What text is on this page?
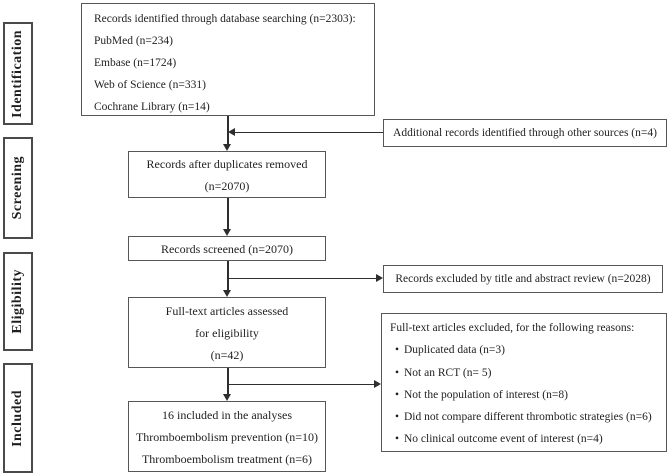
Identification
Screening
Eligibility
Included
Records identified through database searching (n=2303):
PubMed (n=234)
Embase (n=1724)
Web of Science (n=331)
Cochrane Library (n=14)
Additional records identified through other sources (n=4)
Records after duplicates removed
(n=2070)
Records screened (n=2070)
Records excluded by title and abstract review (n=2028)
Full-text articles assessed
for eligibility
(n=42)
Full-text articles excluded, for the following reasons:
• Duplicated data (n=3)
• Not an RCT (n= 5)
• Not the population of interest (n=8)
• Did not compare different thrombotic strategies (n=6)
• No clinical outcome event of interest (n=4)
16 included in the analyses
Thromboembolism prevention (n=10)
Thromboembolism treatment (n=6)
